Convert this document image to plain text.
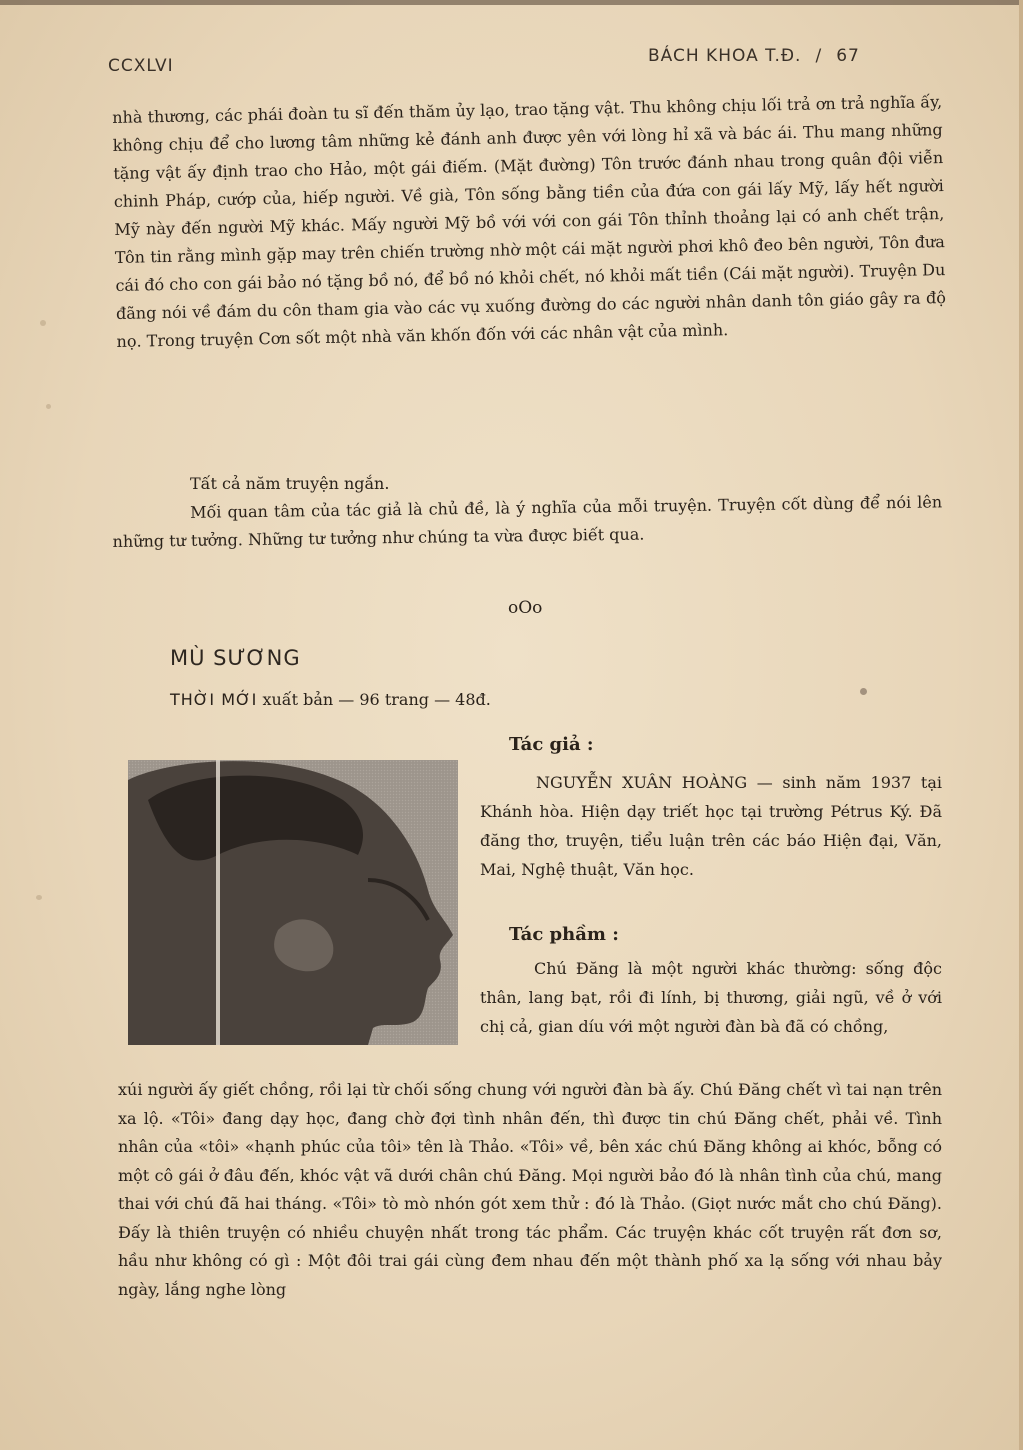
CCXLVI	BÁCH KHOA T.Đ. / 67

nhà thương, các phái đoàn tu sĩ đến thăm ủy lạo, trao tặng vật. Thu không chịu lối trả ơn trả nghĩa ấy, không chịu để cho lương tâm những kẻ đánh anh được yên với lòng hỉ xã và bác ái. Thu mang những tặng vật ấy định trao cho Hảo, một gái điếm. (Mặt đường) Tôn trước đánh nhau trong quân đội viễn chinh Pháp, cướp của, hiếp người. Về già, Tôn sống bằng tiền của đứa con gái lấy Mỹ, lấy hết người Mỹ này đến người Mỹ khác. Mấy người Mỹ bồ với với con gái Tôn thỉnh thoảng lại có anh chết trận, Tôn tin rằng mình gặp may trên chiến trường nhờ một cái mặt người phơi khô đeo bên người, Tôn đưa cái đó cho con gái bảo nó tặng bồ nó, để bồ nó khỏi chết, nó khỏi mất tiền (Cái mặt người). Truyện Du đãng nói về đám du côn tham gia vào các vụ xuống đường do các người nhân danh tôn giáo gây ra độ nọ. Trong truyện Cơn sốt một nhà văn khốn đốn với các nhân vật của mình.

Tất cả năm truyện ngắn.

Mối quan tâm của tác giả là chủ đề, là ý nghĩa của mỗi truyện. Truyện cốt dùng để nói lên những tư tưởng. Những tư tưởng như chúng ta vừa được biết qua.

oOo
MÙ SƯƠNG
THỜI MỚI xuất bản — 96 trang — 48đ.
Tác giả :

NGUYỄN XUÂN HOÀNG — sinh năm 1937 tại Khánh hòa. Hiện dạy triết học tại trường Pétrus Ký. Đã đăng thơ, truyện, tiểu luận trên các báo Hiện đại, Văn, Mai, Nghệ thuật, Văn học.

Tác phầm :

Chú Đăng là một người khác thường: sống độc thân, lang bạt, rồi đi lính, bị thương, giải ngũ, về ở với chị cả, gian díu với một người đàn bà đã có chồng,

xúi người ấy giết chồng, rồi lại từ chối sống chung với người đàn bà ấy. Chú Đăng chết vì tai nạn trên xa lộ. «Tôi» đang dạy học, đang chờ đợi tình nhân đến, thì được tin chú Đăng chết, phải về. Tình nhân của «tôi» «hạnh phúc của tôi» tên là Thảo. «Tôi» về, bên xác chú Đăng không ai khóc, bỗng có một cô gái ở đâu đến, khóc vật vã dưới chân chú Đăng. Mọi người bảo đó là nhân tình của chú, mang thai với chú đã hai tháng. «Tôi» tò mò nhón gót xem thử : đó là Thảo. (Giọt nước mắt cho chú Đăng). Đấy là thiên truyện có nhiều chuyện nhất trong tác phẩm. Các truyện khác cốt truyện rất đơn sơ, hầu như không có gì : Một đôi trai gái cùng đem nhau đến một thành phố xa lạ sống với nhau bảy ngày, lắng nghe lòng
